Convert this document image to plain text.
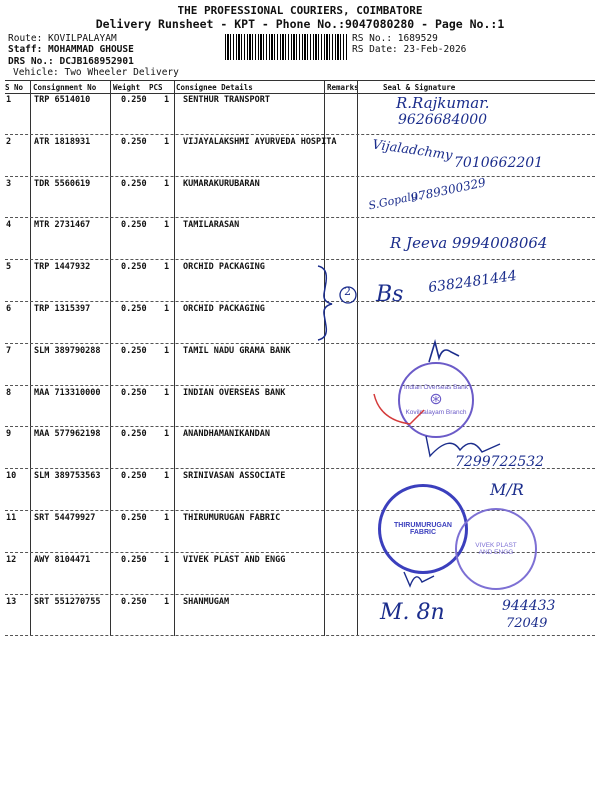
THE PROFESSIONAL COURIERS, COIMBATORE
Delivery Runsheet - KPT - Phone No.:9047080280 - Page No.:1
Route: KOVILPALAYAM
Staff: MOHAMMAD GHOUSE
DRS No.: DCJB168952901
Vehicle: Two Wheeler Delivery
RS No.: 1689529
RS Date: 23-Feb-2026
S No Consignment No Weight PCS Consignee Details	Remarks	Seal & Signature
1	TRP 6514010	0.250 1 SENTHUR TRANSPORT
2	ATR 1818931	0.250 1 VIJAYALAKSHMI AYURVEDA HOSPITA
3	TDR 5560619	0.250 1 KUMARAKURUBARAN
4	MTR 2731467	0.250 1 TAMILARASAN
5	TRP 1447932	0.250 1 ORCHID PACKAGING
6	TRP 1315397	0.250 1 ORCHID PACKAGING
7	SLM 389790288 0.250 1 TAMIL NADU GRAMA BANK
8	MAA 713310000 0.250 1 INDIAN OVERSEAS BANK
9	MAA 577962198 0.250 1 ANANDHAMANIKANDAN
10 SLM 389753563 0.250 1 SRINIVASAN ASSOCIATE
11 SRT 54479927	0.250 1 THIRUMURUGAN FABRIC
12 AWY 8104471	0.250 1 VIVEK PLAST AND ENGG
13 SRT 551270755 0.250 1 SHANMUGAM
R.Rajkumar.
9626684000
Vijaladchmy 7010662201
S.Gopalu.
9789300329
R Jeeva 9994008064
Bs 6382481444
2
Indian Overseas Bank
⊛
Kovilpalayam Branch
7299722532
M/R
THIRUMURUGAN FABRIC
VIVEK PLAST AND ENGG
M. 8n	944433
72049
